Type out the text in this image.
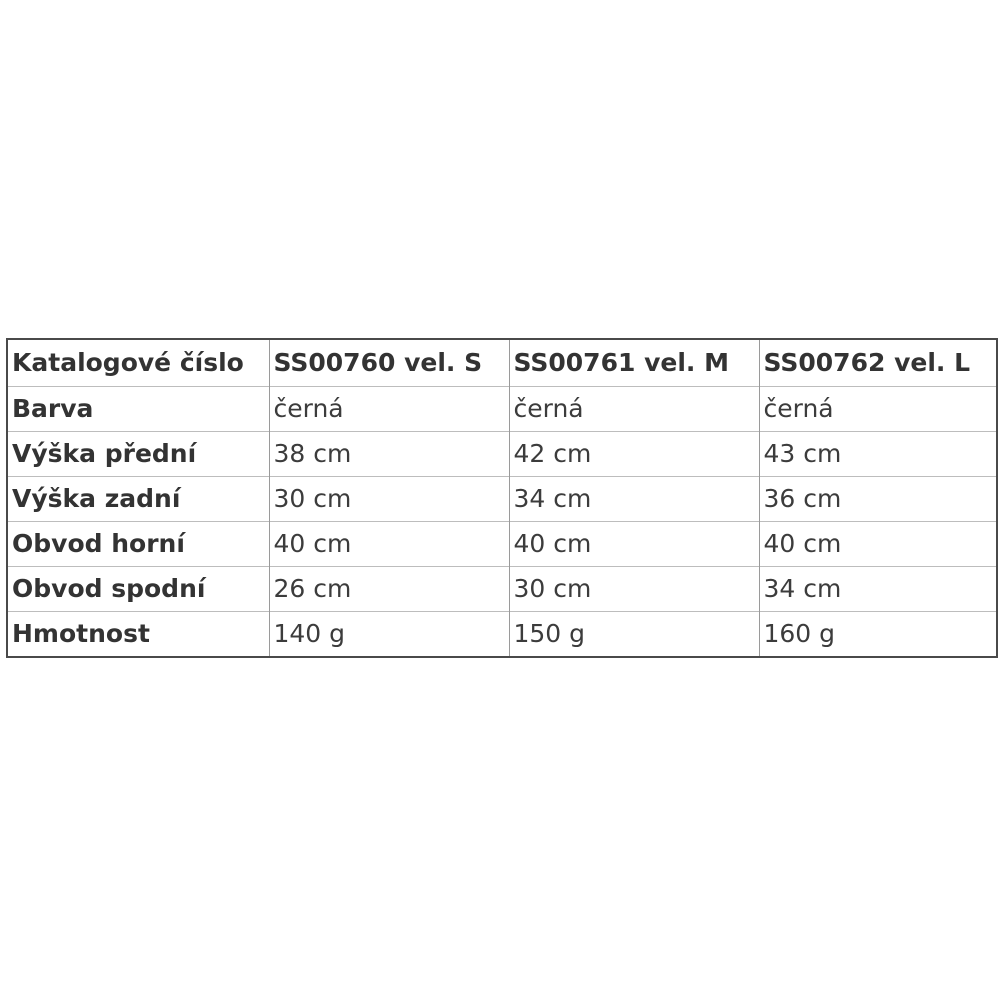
Katalogové číslo	SS00760 vel. S	SS00761 vel. M	SS00762 vel. L
Barva	černá	černá	černá
Výška přední	38 cm	42 cm	43 cm
Výška zadní	30 cm	34 cm	36 cm
Obvod horní	40 cm	40 cm	40 cm
Obvod spodní	26 cm	30 cm	34 cm
Hmotnost	140 g	150 g	160 g
